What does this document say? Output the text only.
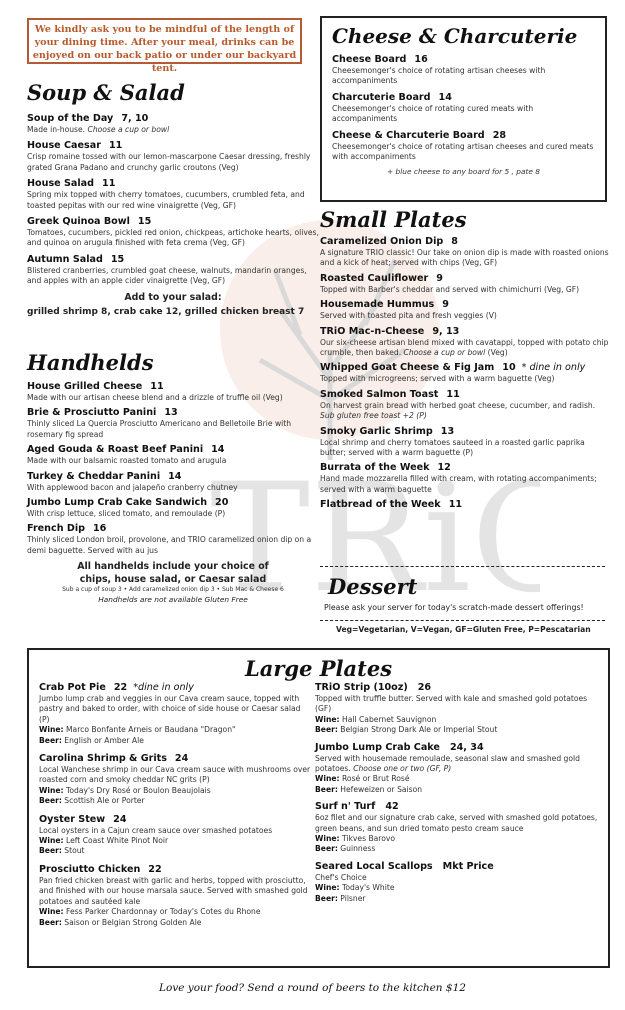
TRiO
We kindly ask you to be mindful of the length of your dining time. After your meal, drinks can be enjoyed on our back patio or under our backyard tent.
Cheese & Charcuterie
Cheese Board 16
Cheesemonger's choice of rotating artisan cheeses with accompaniments
Charcuterie Board 14
Cheesemonger's choice of rotating cured meats with accompaniments
Cheese & Charcuterie Board 28
Cheesemonger's choice of rotating artisan cheeses and cured meats with accompaniments
+ blue cheese to any board for 5 , pate 8
Soup & Salad
Soup of the Day 7, 10
Made in-house. Choose a cup or bowl
House Caesar 11
Crisp romaine tossed with our lemon-mascarpone Caesar dressing, freshly grated Grana Padano and crunchy garlic croutons (Veg)
House Salad 11
Spring mix topped with cherry tomatoes, cucumbers, crumbled feta, and toasted pepitas with our red wine vinaigrette (Veg, GF)
Greek Quinoa Bowl 15
Tomatoes, cucumbers, pickled red onion, chickpeas, artichoke hearts, olives, and quinoa on arugula finished with feta crema (Veg, GF)
Autumn Salad 15
Blistered cranberries, crumbled goat cheese, walnuts, mandarin oranges, and apples with an apple cider vinaigrette (Veg, GF)
Add to your salad:
grilled shrimp 8, crab cake 12, grilled chicken breast 7
Handhelds
House Grilled Cheese 11
Made with our artisan cheese blend and a drizzle of truffle oil (Veg)
Brie & Prosciutto Panini 13
Thinly sliced La Quercia Prosciutto Americano and Belletoile Brie with rosemary fig spread
Aged Gouda & Roast Beef Panini 14
Made with our balsamic roasted tomato and arugula
Turkey & Cheddar Panini 14
With applewood bacon and jalapeño cranberry chutney
Jumbo Lump Crab Cake Sandwich 20
With crisp lettuce, sliced tomato, and remoulade (P)
French Dip 16
Thinly sliced London broil, provolone, and TRIO caramelized onion dip on a demi baguette. Served with au jus
All handhelds include your choice of
chips, house salad, or Caesar salad
Sub a cup of soup 3 • Add caramelized onion dip 3 • Sub Mac & Cheese 6
Handhelds are not available Gluten Free
Small Plates
Caramelized Onion Dip 8
A signature TRIO classic! Our take on onion dip is made with roasted onions and a kick of heat; served with chips (Veg, GF)
Roasted Cauliflower 9
Topped with Barber's cheddar and served with chimichurri (Veg, GF)
Housemade Hummus 9
Served with toasted pita and fresh veggies (V)
TRiO Mac-n-Cheese 9, 13
Our six-cheese artisan blend mixed with cavatappi, topped with potato chip crumble, then baked. Choose a cup or bowl (Veg)
Whipped Goat Cheese & Fig Jam 10 * dine in only
Topped with microgreens; served with a warm baguette (Veg)
Smoked Salmon Toast 11
On harvest grain bread with herbed goat cheese, cucumber, and radish. Sub gluten free toast +2 (P)
Smoky Garlic Shrimp 13
Local shrimp and cherry tomatoes sauteed in a roasted garlic paprika butter; served with a warm baguette (P)
Burrata of the Week 12
Hand made mozzarella filled with cream, with rotating accompaniments; served with a warm baguette
Flatbread of the Week 11
Dessert
Please ask your server for today's scratch-made dessert offerings!
Veg=Vegetarian, V=Vegan, GF=Gluten Free, P=Pescatarian
Large Plates
Crab Pot Pie 22 *dine in only
Jumbo lump crab and veggies in our Cava cream sauce, topped with pastry and baked to order, with choice of side house or Caesar salad (P)
Wine: Marco Bonfante Arneis or Baudana "Dragon"
Beer: English or Amber Ale
Carolina Shrimp & Grits 24
Local Wanchese shrimp in our Cava cream sauce with mushrooms over roasted corn and smoky cheddar NC grits (P)
Wine: Today's Dry Rosé or Boulon Beaujolais
Beer: Scottish Ale or Porter
Oyster Stew 24
Local oysters in a Cajun cream sauce over smashed potatoes
Wine: Left Coast White Pinot Noir
Beer: Stout
Prosciutto Chicken 22
Pan fried chicken breast with garlic and herbs, topped with prosciutto, and finished with our house marsala sauce. Served with smashed gold potatoes and sautéed kale
Wine: Fess Parker Chardonnay or Today's Cotes du Rhone
Beer: Saison or Belgian Strong Golden Ale
TRiO Strip (10oz) 26
Topped with truffle butter. Served with kale and smashed gold potatoes (GF)
Wine: Hall Cabernet Sauvignon
Beer: Belgian Strong Dark Ale or Imperial Stout
Jumbo Lump Crab Cake 24, 34
Served with housemade remoulade, seasonal slaw and smashed gold potatoes. Choose one or two (GF, P)
Wine: Rosé or Brut Rosé
Beer: Hefeweizen or Saison
Surf n' Turf 42
6oz filet and our signature crab cake, served with smashed gold potatoes, green beans, and sun dried tomato pesto cream sauce
Wine: Tikves Barovo
Beer: Guinness
Seared Local Scallops Mkt Price
Chef's Choice
Wine: Today's White
Beer: Pilsner
Love your food? Send a round of beers to the kitchen $12
